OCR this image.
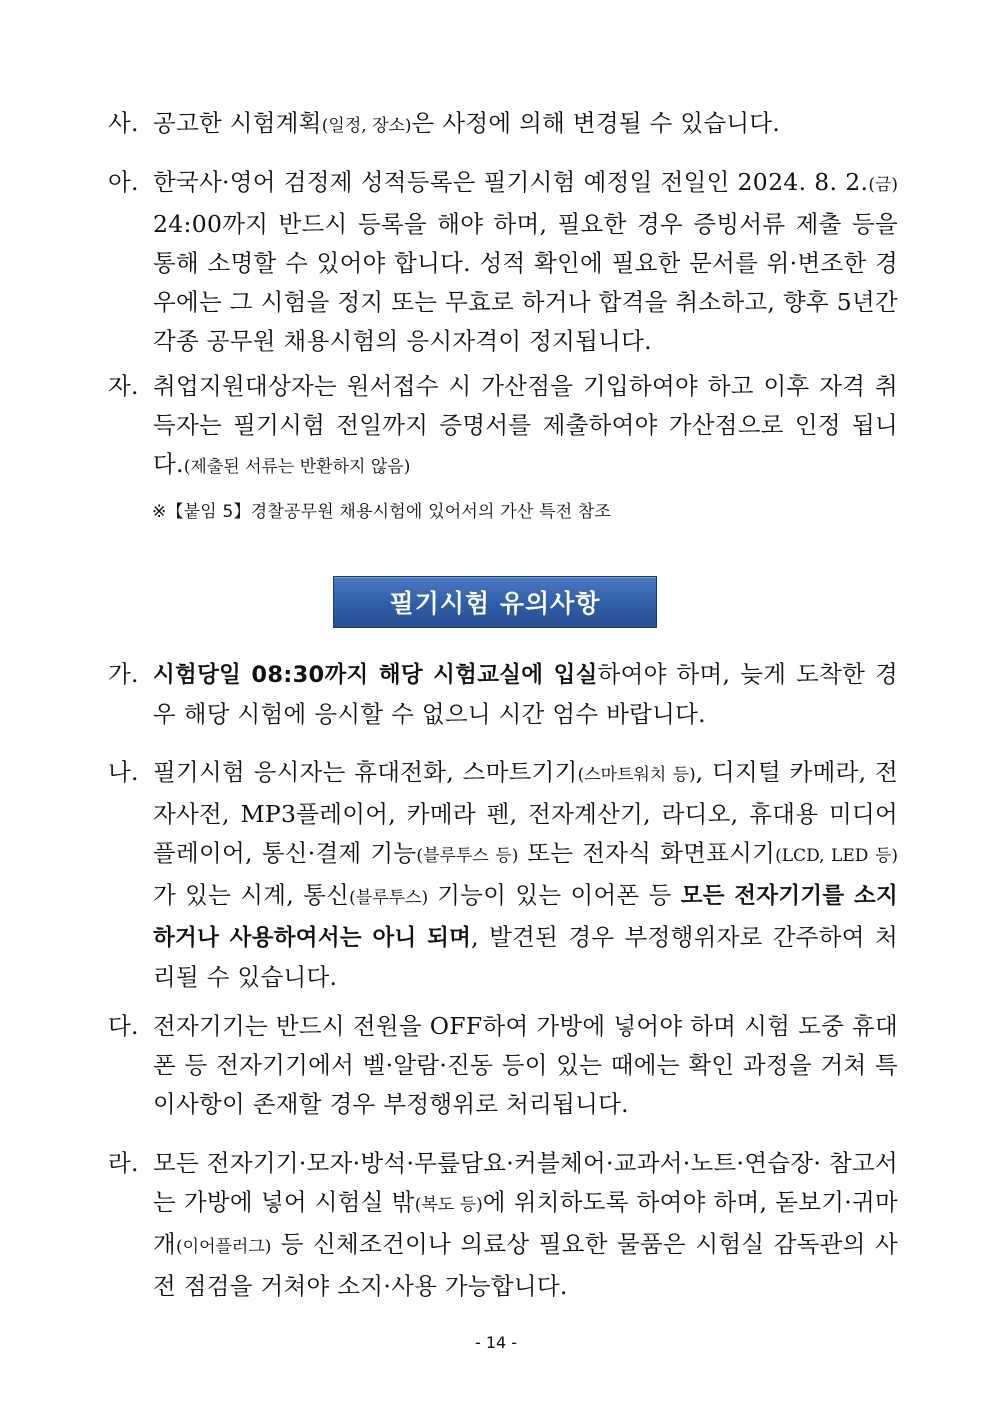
사. 공고한 시험계획(일정, 장소)은 사정에 의해 변경될 수 있습니다.
아. 한국사·영어 검정제 성적등록은 필기시험 예정일 전일인 2024. 8. 2.(금) 24:00까지 반드시 등록을 해야 하며, 필요한 경우 증빙서류 제출 등을 통해 소명할 수 있어야 합니다. 성적 확인에 필요한 문서를 위·변조한 경우에는 그 시험을 정지 또는 무효로 하거나 합격을 취소하고, 향후 5년간 각종 공무원 채용시험의 응시자격이 정지됩니다.
자. 취업지원대상자는 원서접수 시 가산점을 기입하여야 하고 이후 자격 취득자는 필기시험 전일까지 증명서를 제출하여야 가산점으로 인정 됩니다.(제출된 서류는 반환하지 않음)
※【붙임 5】경찰공무원 채용시험에 있어서의 가산 특전 참조
필기시험 유의사항
가. 시험당일 08:30까지 해당 시험교실에 입실하여야 하며, 늦게 도착한 경우 해당 시험에 응시할 수 없으니 시간 엄수 바랍니다.
나. 필기시험 응시자는 휴대전화, 스마트기기(스마트워치 등), 디지털 카메라, 전자사전, MP3플레이어, 카메라 펜, 전자계산기, 라디오, 휴대용 미디어 플레이어, 통신·결제 기능(블루투스 등) 또는 전자식 화면표시기(LCD, LED 등)가 있는 시계, 통신(블루투스) 기능이 있는 이어폰 등 모든 전자기기를 소지하거나 사용하여서는 아니 되며, 발견된 경우 부정행위자로 간주하여 처리될 수 있습니다.
다. 전자기기는 반드시 전원을 OFF하여 가방에 넣어야 하며 시험 도중 휴대폰 등 전자기기에서 벨·알람·진동 등이 있는 때에는 확인 과정을 거쳐 특이사항이 존재할 경우 부정행위로 처리됩니다.
라. 모든 전자기기·모자·방석·무릎담요·커블체어·교과서·노트·연습장· 참고서는 가방에 넣어 시험실 밖(복도 등)에 위치하도록 하여야 하며, 돋보기·귀마개(이어플러그) 등 신체조건이나 의료상 필요한 물품은 시험실 감독관의 사전 점검을 거쳐야 소지·사용 가능합니다.
- 14 -
